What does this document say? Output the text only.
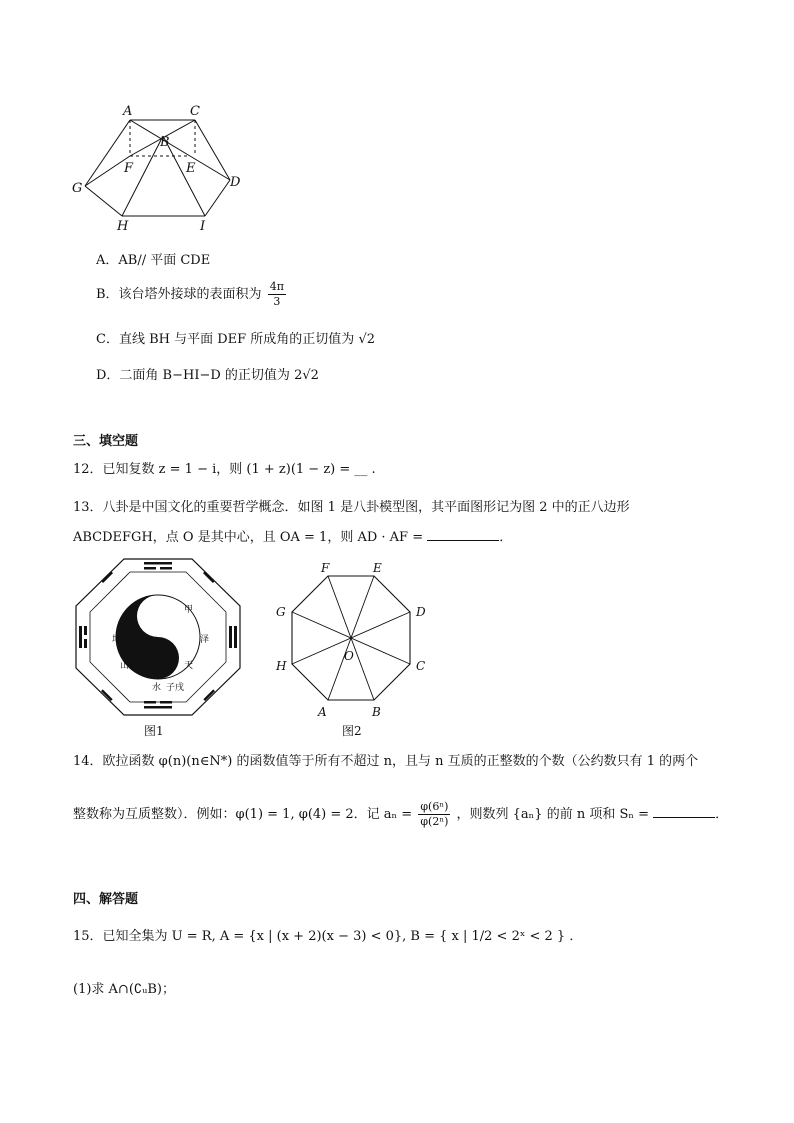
A	C
B
F	E
G	D
H	I
A．AB// 平面 CDE
B．该台塔外接球的表面积为 $\frac{4\pi}{3}$
C．直线 BH 与平面 DEF 所成角的正切值为 √2
D．二面角 B−HI−D 的正切值为 2√2
三、填空题
12．已知复数 z = 1 − i，则 (1 + z)(1 − z) = __ .
13．八卦是中国文化的重要哲学概念．如图 1 是八卦模型图，其平面图形记为图 2 中的正八边形
ABCDEFGH，点 O 是其中心，且 OA = 1，则 AD · AF =	．
火
水
山
甲
泽
天
子戌
坤
图1
F	E
G	D
H
O
C
A	B
图2
14．欧拉函数 φ(n)(n∈N*) 的函数值等于所有不超过 n，且与 n 互质的正整数的个数（公约数只有 1 的两个
整数称为互质整数）．例如：φ(1) = 1, φ(4) = 2．记 $a_n = \frac{\text{φ(6ⁿ)}}{\text{φ(2ⁿ)}}$ ，则数列 {aₙ} 的前 n 项和 Sₙ =	．
四、解答题
15．已知全集为 U = R, A = {x | (x + 2)(x − 3) < 0}, B = { x | 1/2 < 2ˣ < 2 } ．
(1)求 A∩(∁ᵤB)；
